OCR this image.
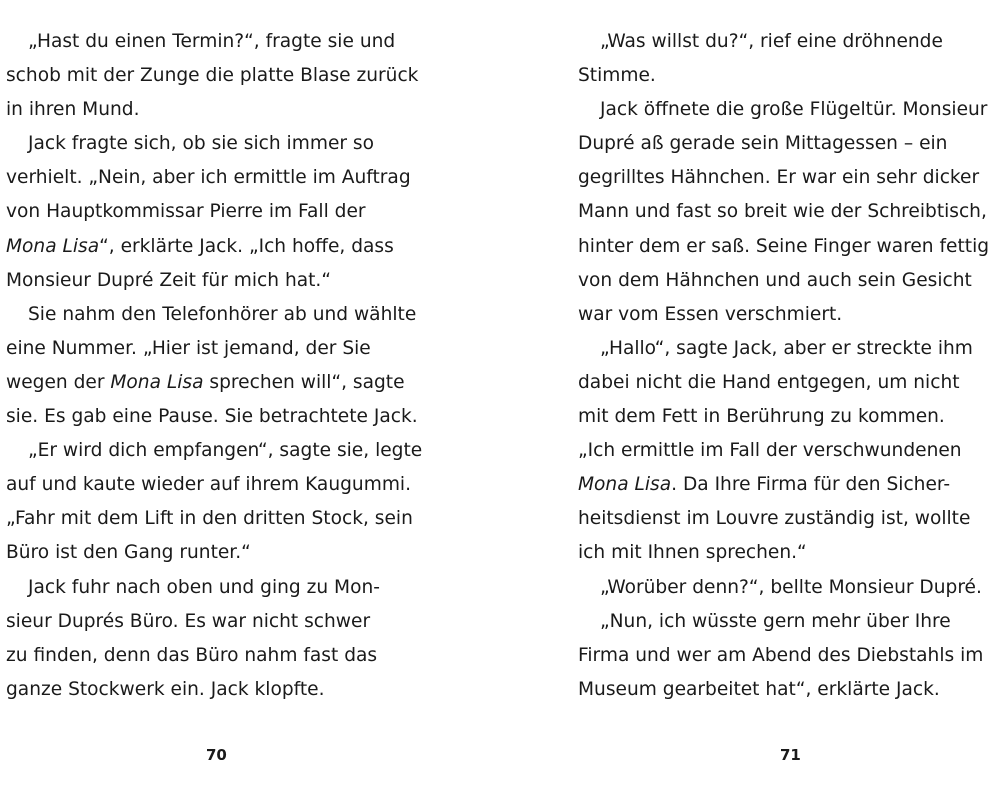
„Hast du einen Termin?“, fragte sie und
schob mit der Zunge die platte Blase zurück
in ihren Mund.
Jack fragte sich, ob sie sich immer so
verhielt. „Nein, aber ich ermittle im Auftrag
von Hauptkommissar Pierre im Fall der
Mona Lisa“, erklärte Jack. „Ich hoffe, dass
Monsieur Dupré Zeit für mich hat.“
Sie nahm den Telefonhörer ab und wählte
eine Nummer. „Hier ist jemand, der Sie
wegen der Mona Lisa sprechen will“, sagte
sie. Es gab eine Pause. Sie betrachtete Jack.
„Er wird dich empfangen“, sagte sie, legte
auf und kaute wieder auf ihrem Kaugummi.
„Fahr mit dem Lift in den dritten Stock, sein
Büro ist den Gang runter.“
Jack fuhr nach oben und ging zu Mon-
sieur Duprés Büro. Es war nicht schwer
zu finden, denn das Büro nahm fast das
ganze Stockwerk ein. Jack klopfte.
70
„Was willst du?“, rief eine dröhnende
Stimme.
Jack öffnete die große Flügeltür. Monsieur
Dupré aß gerade sein Mittagessen – ein
gegrilltes Hähnchen. Er war ein sehr dicker
Mann und fast so breit wie der Schreibtisch,
hinter dem er saß. Seine Finger waren fettig
von dem Hähnchen und auch sein Gesicht
war vom Essen verschmiert.
„Hallo“, sagte Jack, aber er streckte ihm
dabei nicht die Hand entgegen, um nicht
mit dem Fett in Berührung zu kommen.
„Ich ermittle im Fall der verschwundenen
Mona Lisa. Da Ihre Firma für den Sicher-
heitsdienst im Louvre zuständig ist, wollte
ich mit Ihnen sprechen.“
„Worüber denn?“, bellte Monsieur Dupré.
„Nun, ich wüsste gern mehr über Ihre
Firma und wer am Abend des Diebstahls im
Museum gearbeitet hat“, erklärte Jack.
71
